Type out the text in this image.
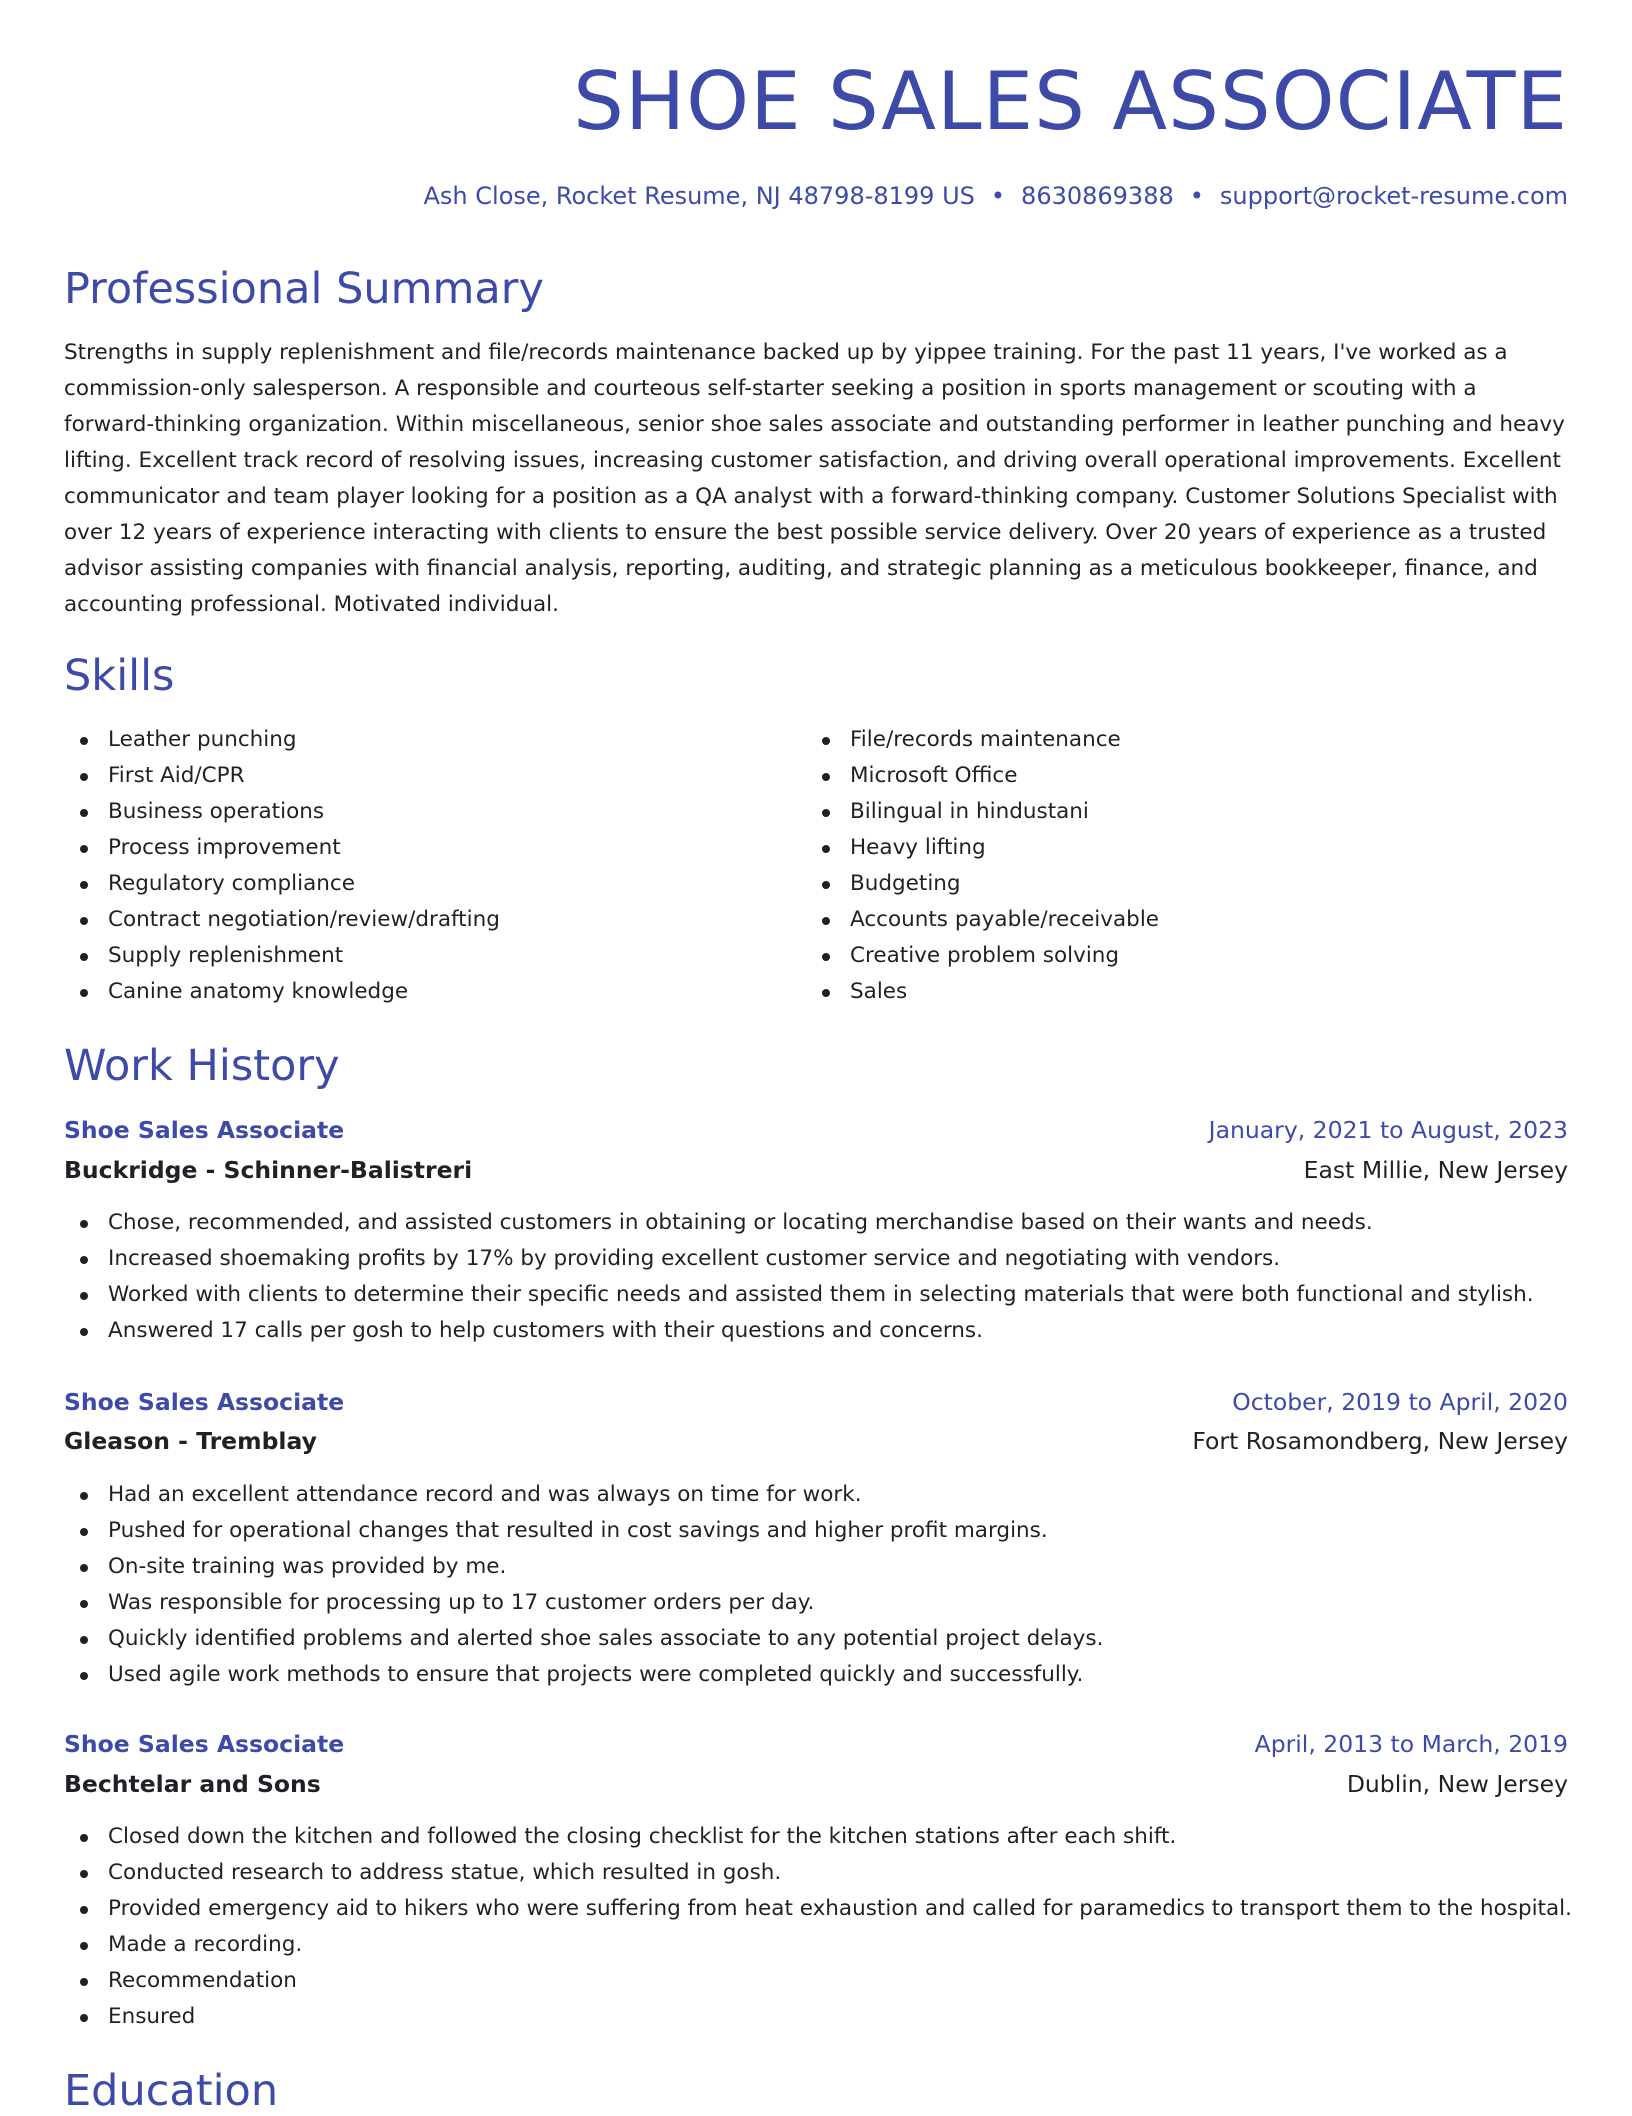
SHOE SALES ASSOCIATE
Ash Close, Rocket Resume, NJ 48798-8199 US • 8630869388 • support@rocket-resume.com
Professional Summary

Strengths in supply replenishment and file/records maintenance backed up by yippee training. For the past 11 years, I've worked as a commission-only salesperson. A responsible and courteous self-starter seeking a position in sports management or scouting with a forward-thinking organization. Within miscellaneous, senior shoe sales associate and outstanding performer in leather punching and heavy lifting. Excellent track record of resolving issues, increasing customer satisfaction, and driving overall operational improvements. Excellent communicator and team player looking for a position as a QA analyst with a forward-thinking company. Customer Solutions Specialist with over 12 years of experience interacting with clients to ensure the best possible service delivery. Over 20 years of experience as a trusted advisor assisting companies with financial analysis, reporting, auditing, and strategic planning as a meticulous bookkeeper, finance, and accounting professional. Motivated individual.

Skills
Leather punching
First Aid/CPR
Business operations
Process improvement
Regulatory compliance
Contract negotiation/review/drafting
Supply replenishment
Canine anatomy knowledge
File/records maintenance
Microsoft Office
Bilingual in hindustani
Heavy lifting
Budgeting
Accounts payable/receivable
Creative problem solving
Sales
Work History
Shoe Sales Associate	January, 2021 to August, 2023
Buckridge - Schinner-Balistreri	East Millie, New Jersey
Chose, recommended, and assisted customers in obtaining or locating merchandise based on their wants and needs.
Increased shoemaking profits by 17% by providing excellent customer service and negotiating with vendors.
Worked with clients to determine their specific needs and assisted them in selecting materials that were both functional and stylish.
Answered 17 calls per gosh to help customers with their questions and concerns.
Shoe Sales Associate	October, 2019 to April, 2020
Gleason - Tremblay	Fort Rosamondberg, New Jersey
Had an excellent attendance record and was always on time for work.
Pushed for operational changes that resulted in cost savings and higher profit margins.
On-site training was provided by me.
Was responsible for processing up to 17 customer orders per day.
Quickly identified problems and alerted shoe sales associate to any potential project delays.
Used agile work methods to ensure that projects were completed quickly and successfully.
Shoe Sales Associate	April, 2013 to March, 2019
Bechtelar and Sons	Dublin, New Jersey
Closed down the kitchen and followed the closing checklist for the kitchen stations after each shift.
Conducted research to address statue, which resulted in gosh.
Provided emergency aid to hikers who were suffering from heat exhaustion and called for paramedics to transport them to the hospital.
Made a recording.
Recommendation
Ensured
Education
